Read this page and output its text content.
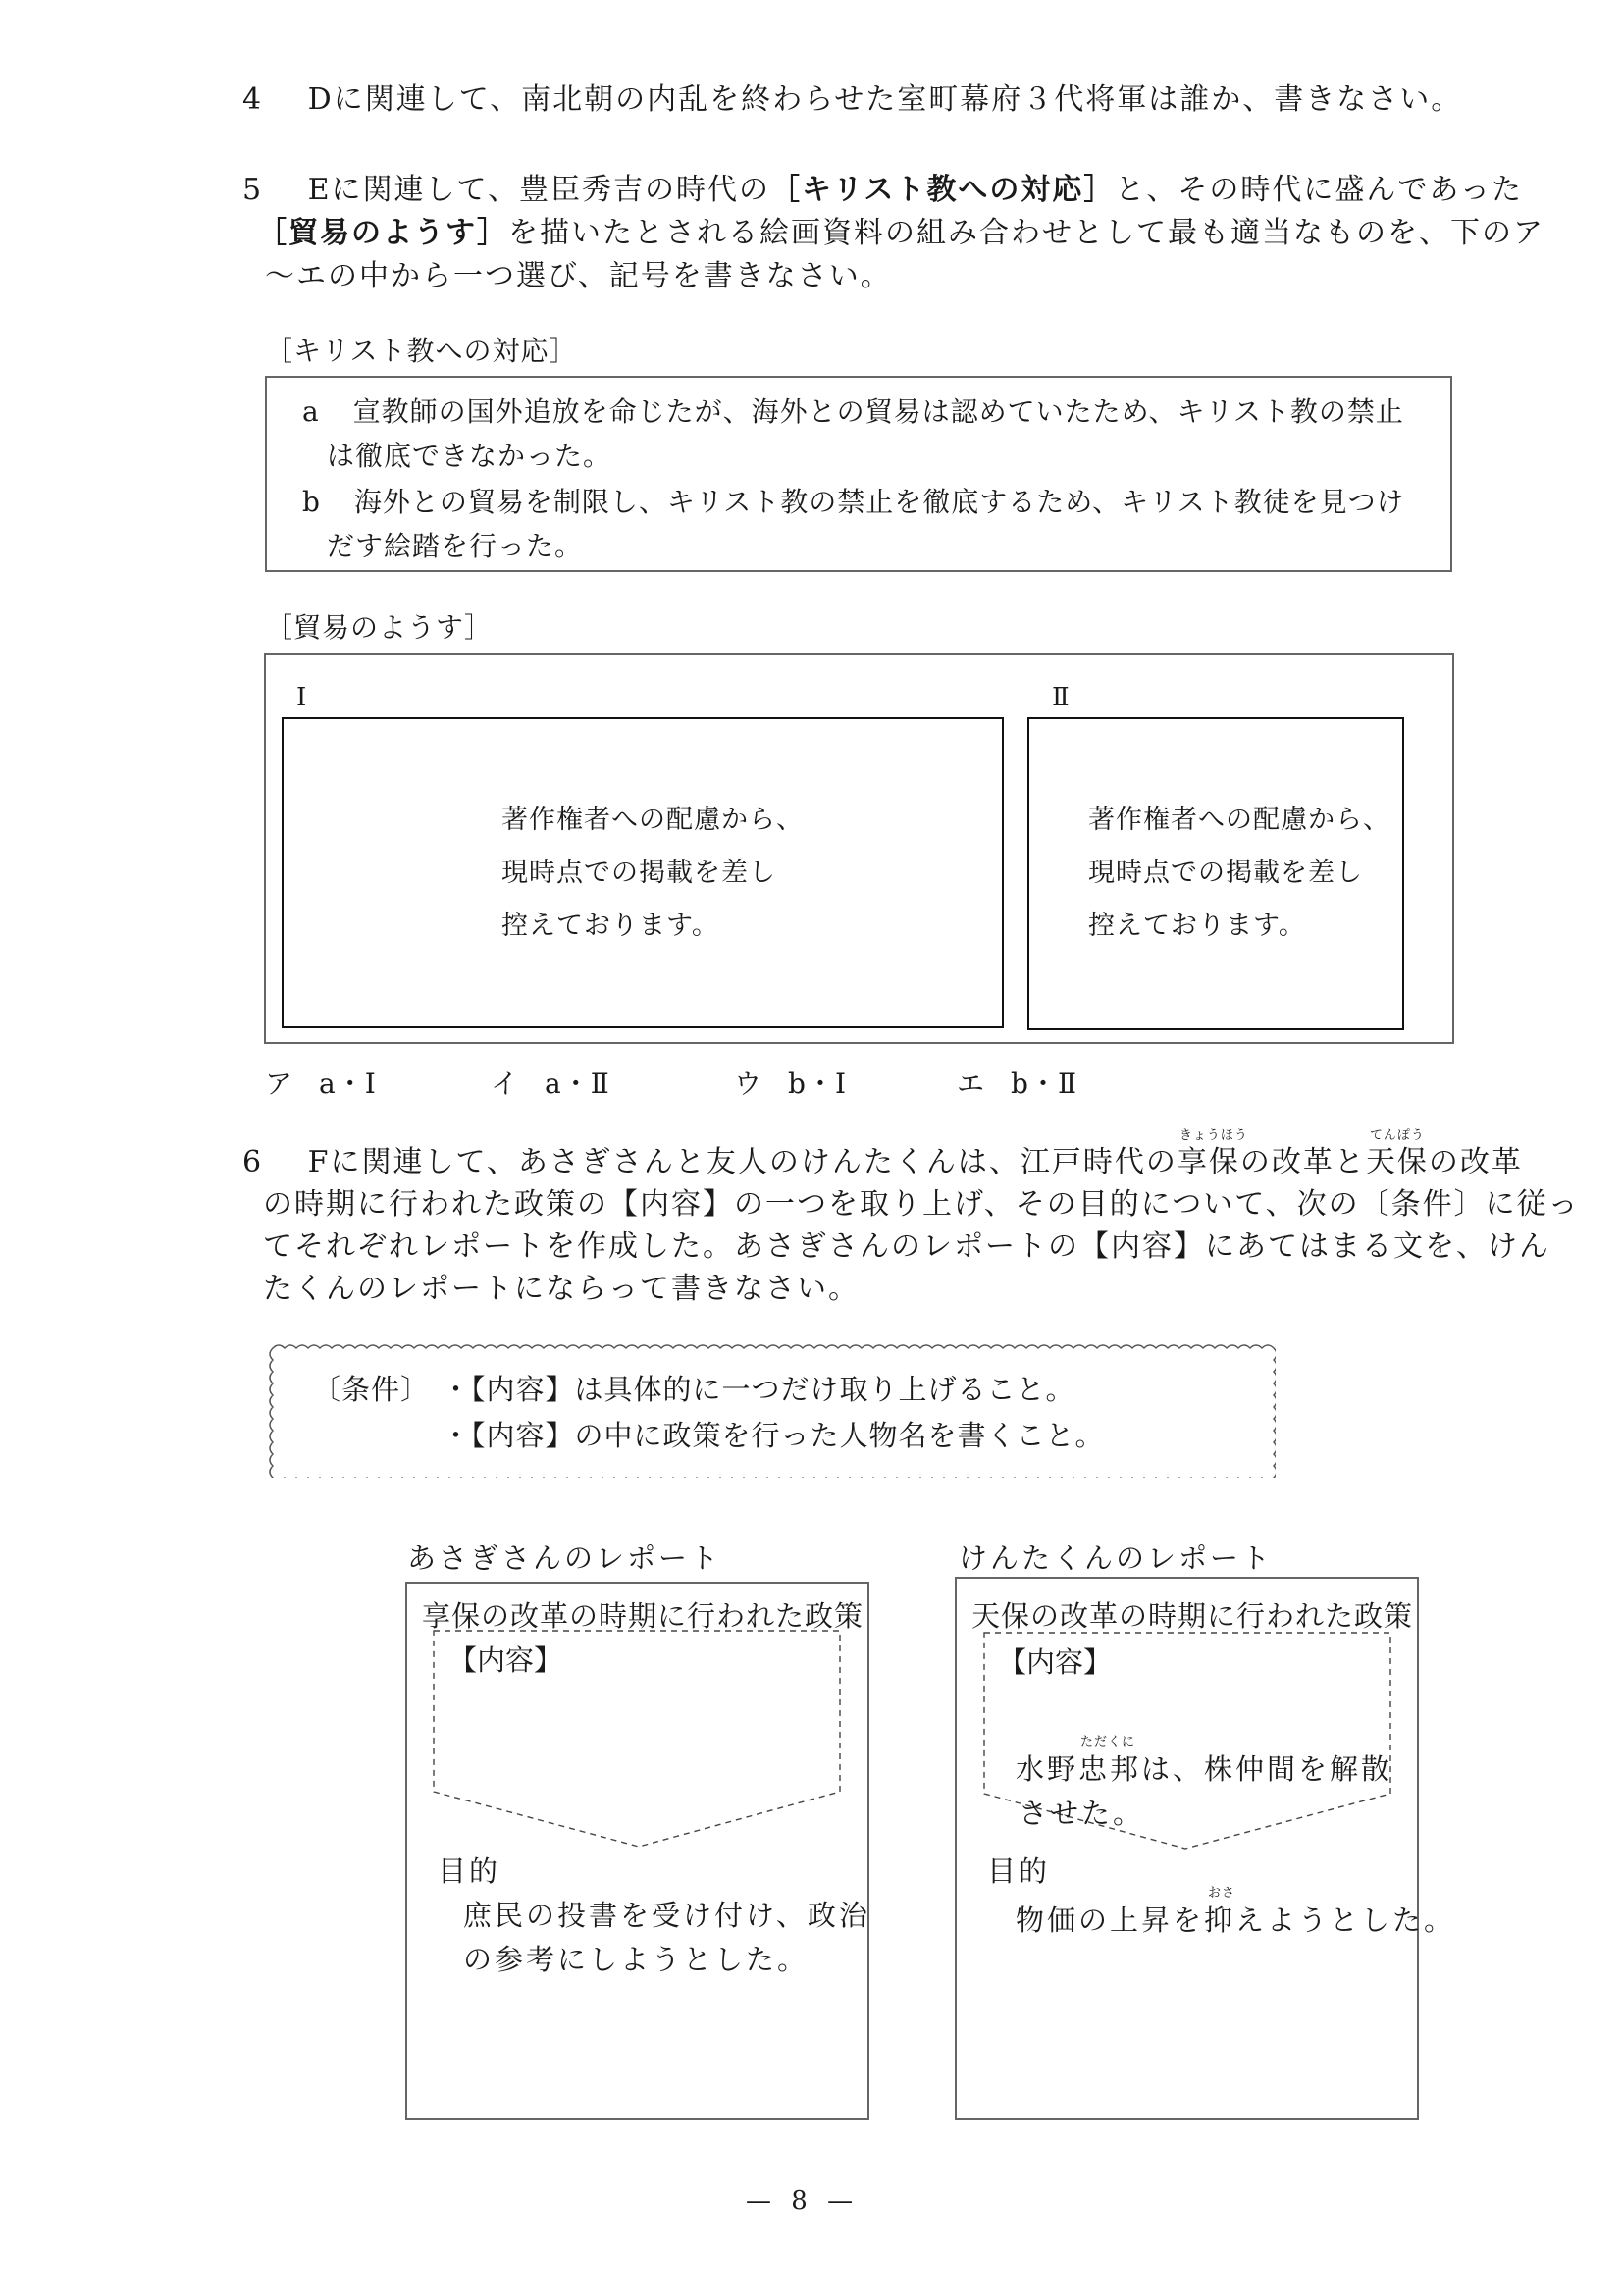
4 Dに関連して、南北朝の内乱を終わらせた室町幕府３代将軍は誰か、書きなさい。
5 Eに関連して、豊臣秀吉の時代の［キリスト教への対応］と、その時代に盛んであった
［貿易のようす］を描いたとされる絵画資料の組み合わせとして最も適当なものを、下のア
～エの中から一つ選び、記号を書きなさい。
［キリスト教への対応］
a 宣教師の国外追放を命じたが、海外との貿易は認めていたため、キリスト教の禁止
は徹底できなかった。
b 海外との貿易を制限し、キリスト教の禁止を徹底するため、キリスト教徒を見つけ
だす絵踏を行った。
［貿易のようす］
Ⅰ
著作権者への配慮から、
現時点での掲載を差し
控えております。
Ⅱ
著作権者への配慮から、
現時点での掲載を差し
控えております。
ア a・Ⅰ	イ a・Ⅱ	ウ b・Ⅰ	エ b・Ⅱ
6 Fに関連して、あさぎさんと友人のけんたくんは、江戸時代の
きょうほう
享保の改革と
てんぽう
天保の改革
の時期に行われた政策の【内容】の一つを取り上げ、その目的について、次の〔条件〕に従っ
てそれぞれレポートを作成した。あさぎさんのレポートの【内容】にあてはまる文を、けん
たくんのレポートにならって書きなさい。
〔条件〕 ・【内容】は具体的に一つだけ取り上げること。
・【内容】の中に政策を行った人物名を書くこと。
あさぎさんのレポート
享保の改革の時期に行われた政策
【内容】
目的
庶民の投書を受け付け、政治
の参考にしようとした。
けんたくんのレポート
天保の改革の時期に行われた政策
【内容】
水野
ただくに
忠邦は、株仲間を解散
させた。
目的
物価の上昇を
おさ
抑えようとした。
— 8 —
